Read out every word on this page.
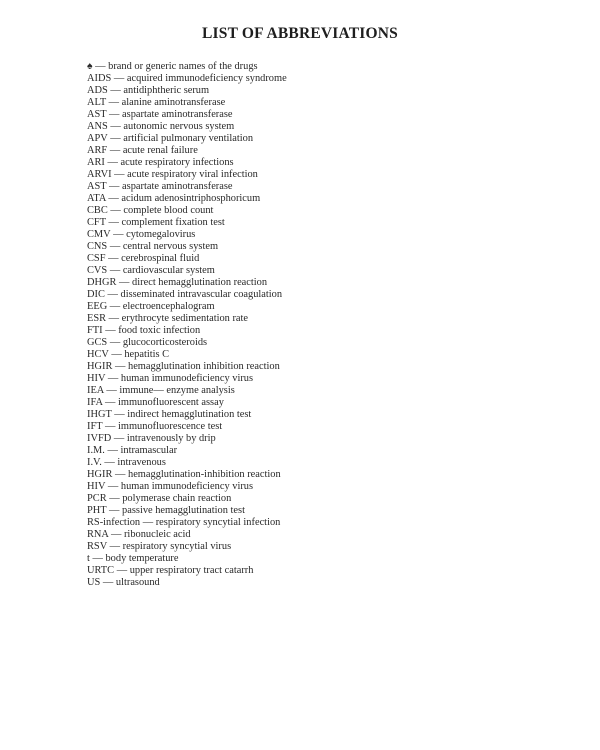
LIST OF ABBREVIATIONS
♠ — brand or generic names of the drugs
AIDS — acquired immunodeficiency syndrome
ADS — antidiphtheric serum
ALT — alanine aminotransferase
AST — aspartate aminotransferase
ANS — autonomic nervous system
APV — artificial pulmonary ventilation
ARF — acute renal failure
ARI — acute respiratory infections
ARVI — acute respiratory viral infection
AST — aspartate aminotransferase
ATA — acidum adenosintriphosphoricum
CBC — complete blood count
CFT — complement fixation test
CMV — cytomegalovirus
CNS — central nervous system
CSF — cerebrospinal fluid
CVS — cardiovascular system
DHGR — direct hemagglutination reaction
DIC — disseminated intravascular coagulation
EEG — electroencephalogram
ESR — erythrocyte sedimentation rate
FTI — food toxic infection
GCS — glucocorticosteroids
HCV — hepatitis C
HGIR — hemagglutination inhibition reaction
HIV — human immunodeficiency virus
IEA — immune— enzyme analysis
IFA — immunofluorescent assay
IHGT — indirect hemagglutination test
IFT — immunofluorescence test
IVFD — intravenously by drip
I.M. — intramascular
I.V. — intravenous
HGIR — hemagglutination-inhibition reaction
HIV — human immunodeficiency virus
PCR — polymerase chain reaction
PHT — passive hemagglutination test
RS-infection — respiratory syncytial infection
RNA — ribonucleic acid
RSV — respiratory syncytial virus
t — body temperature
URTC — upper respiratory tract catarrh
US — ultrasound
